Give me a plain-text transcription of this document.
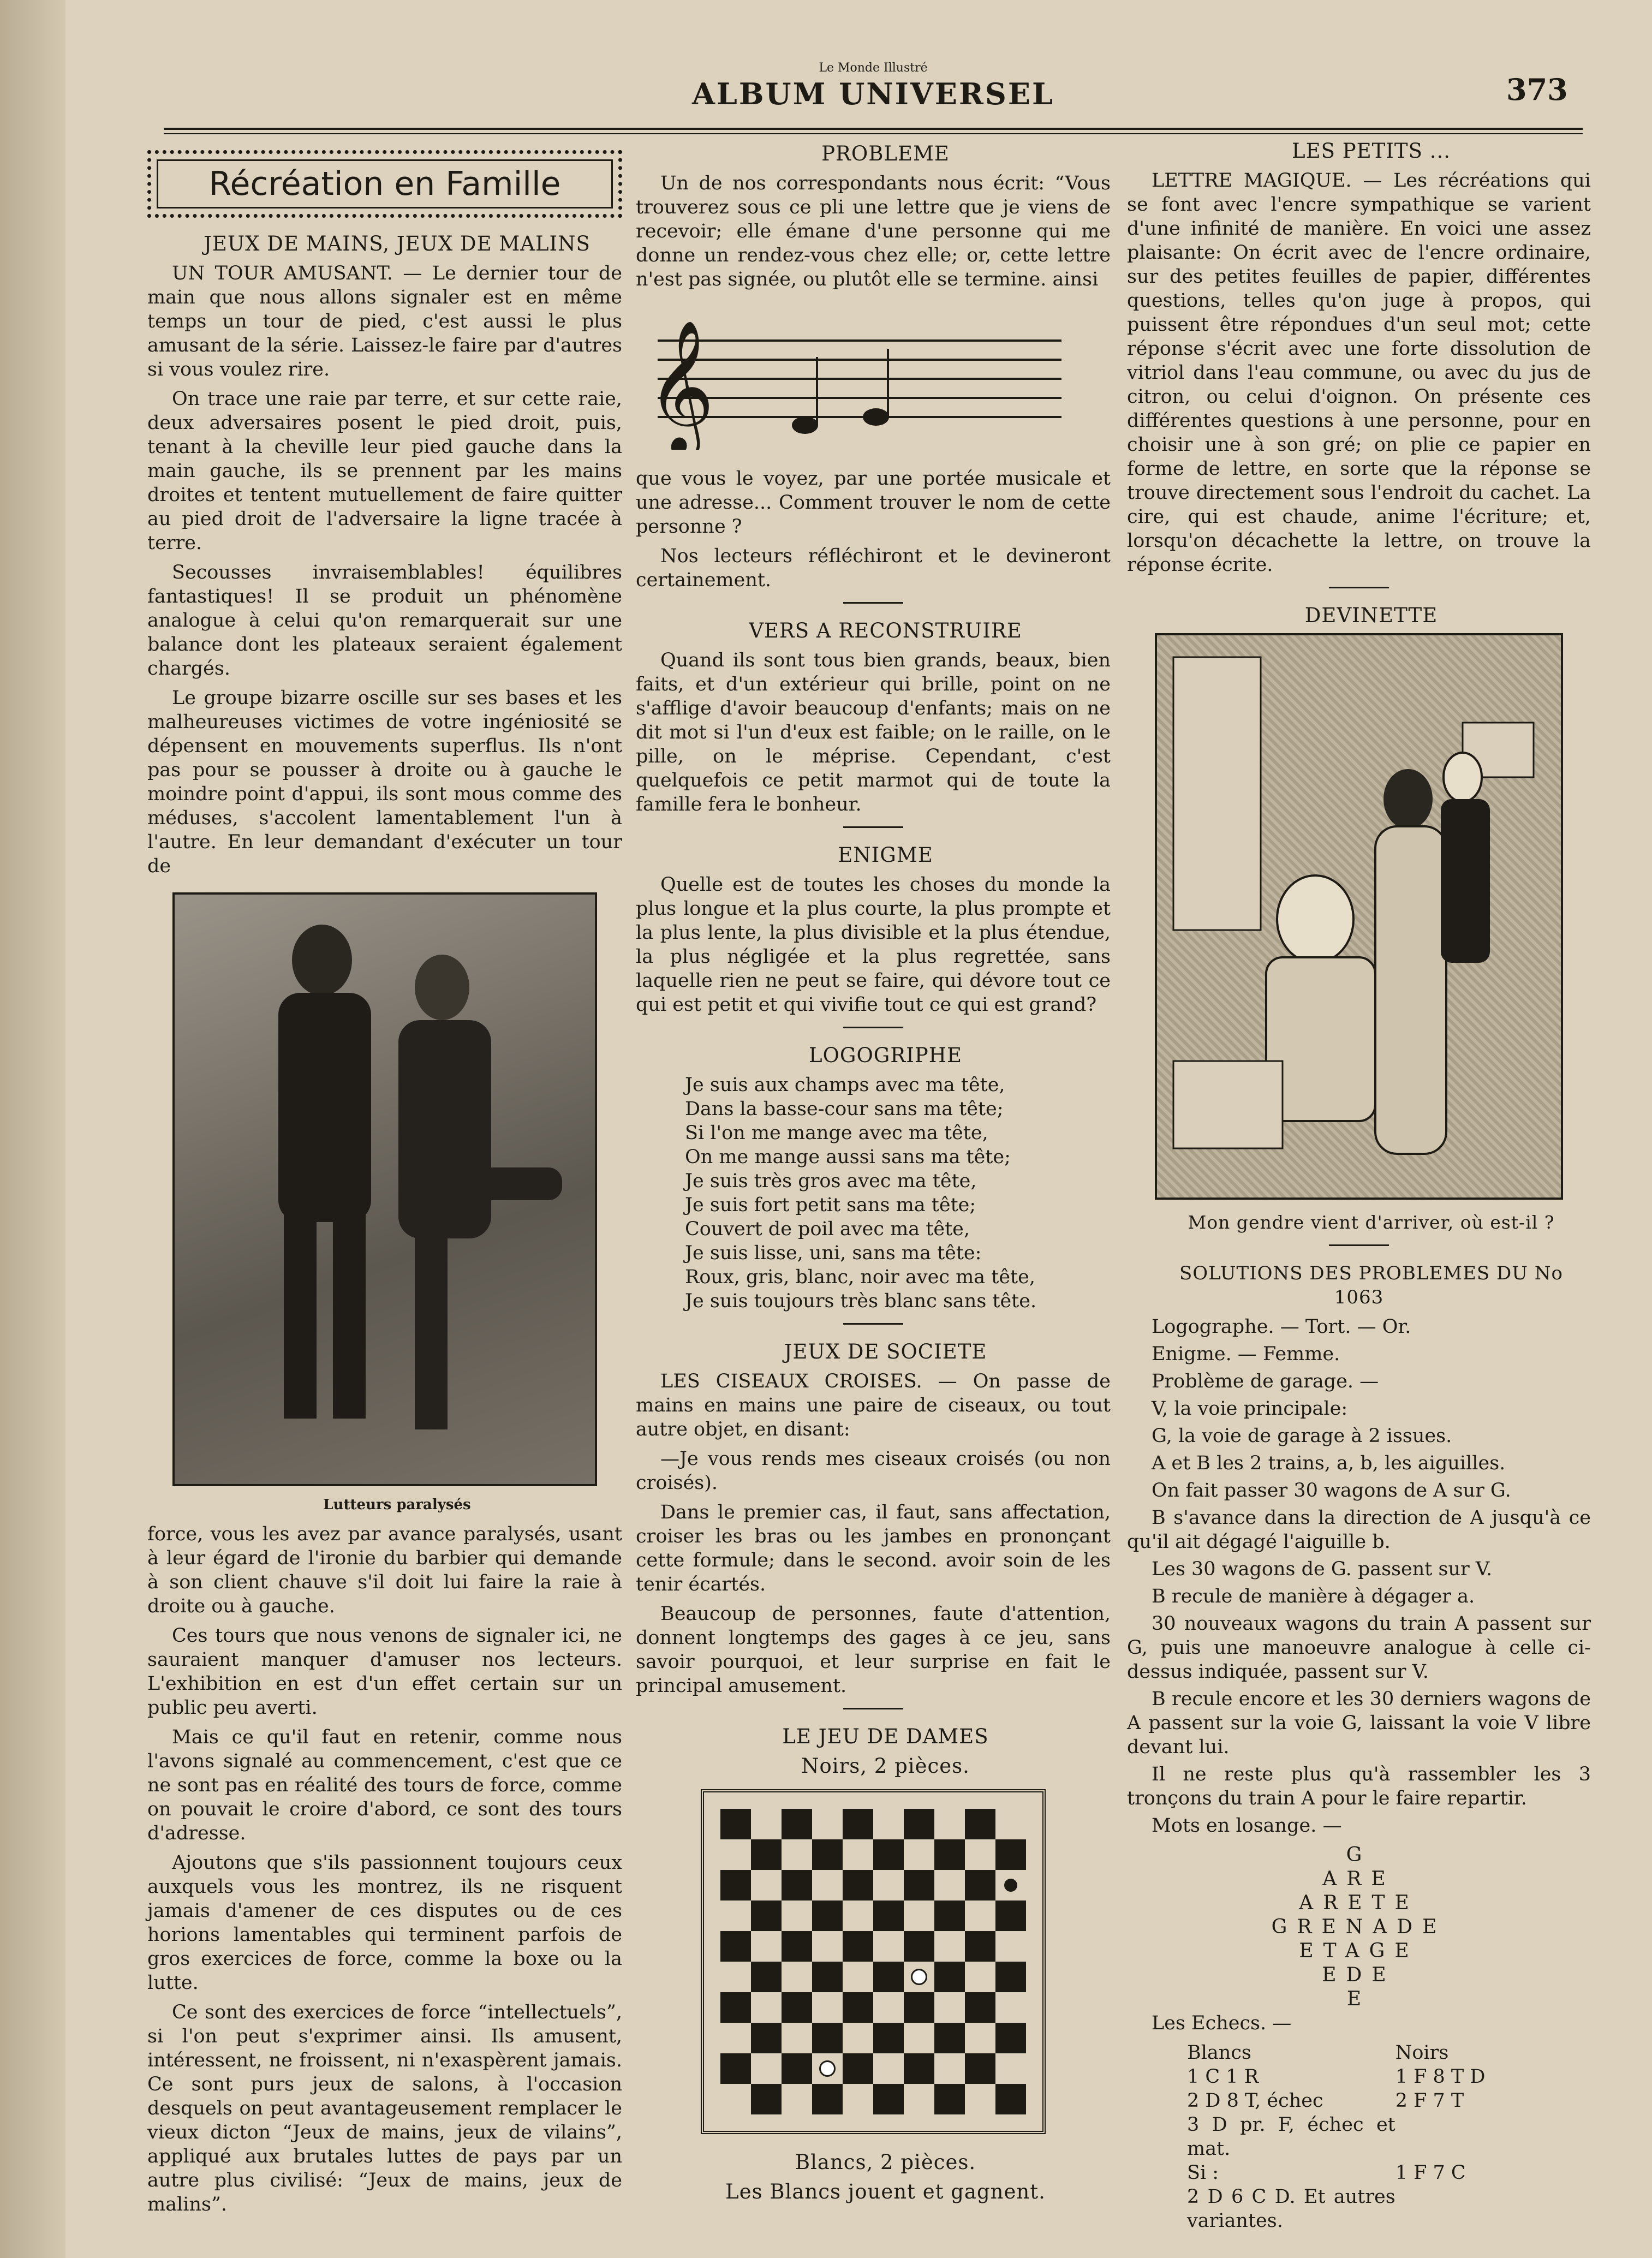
Le Monde Illustré
ALBUM UNIVERSEL	373
Récréation en Famille

JEUX DE MAINS, JEUX DE MALINS

UN TOUR AMUSANT. — Le dernier tour de main que nous allons signaler est en même temps un tour de pied, c'est aussi le plus amusant de la série. Laissez-le faire par d'autres si vous voulez rire.

On trace une raie par terre, et sur cette raie, deux adversaires posent le pied droit, puis, tenant à la cheville leur pied gauche dans la main gauche, ils se prennent par les mains droites et tentent mutuellement de faire quitter au pied droit de l'adversaire la ligne tracée à terre.

Secousses invraisemblables! équilibres fantastiques! Il se produit un phénomène analogue à celui qu'on remarquerait sur une balance dont les plateaux seraient également chargés.

Le groupe bizarre oscille sur ses bases et les malheureuses victimes de votre ingéniosité se dépensent en mouvements superflus. Ils n'ont pas pour se pousser à droite ou à gauche le moindre point d'appui, ils sont mous comme des méduses, s'accolent lamentablement l'un à l'autre. En leur demandant d'exécuter un tour de

Lutteurs paralysés

force, vous les avez par avance paralysés, usant à leur égard de l'ironie du barbier qui demande à son client chauve s'il doit lui faire la raie à droite ou à gauche.

Ces tours que nous venons de signaler ici, ne sauraient manquer d'amuser nos lecteurs. L'exhibition en est d'un effet certain sur un public peu averti.

Mais ce qu'il faut en retenir, comme nous l'avons signalé au commencement, c'est que ce ne sont pas en réalité des tours de force, comme on pouvait le croire d'abord, ce sont des tours d'adresse.

Ajoutons que s'ils passionnent toujours ceux auxquels vous les montrez, ils ne risquent jamais d'amener de ces disputes ou de ces horions lamentables qui terminent parfois de gros exercices de force, comme la boxe ou la lutte.

Ce sont des exercices de force “intellectuels”, si l'on peut s'exprimer ainsi. Ils amusent, intéressent, ne froissent, ni n'exaspèrent jamais. Ce sont purs jeux de salons, à l'occasion desquels on peut avantageusement remplacer le vieux dicton “Jeux de mains, jeux de vilains”, appliqué aux brutales luttes de pays par un autre plus civilisé: “Jeux de mains, jeux de malins”.

PROBLEME

Un de nos correspondants nous écrit: “Vous trouverez sous ce pli une lettre que je viens de recevoir; elle émane d'une personne qui me donne un rendez-vous chez elle; or, cette lettre n'est pas signée, ou plutôt elle se termine. ainsi

𝄞

que vous le voyez, par une portée musicale et une adresse... Comment trouver le nom de cette personne ?

Nos lecteurs réfléchiront et le devineront certainement.

VERS A RECONSTRUIRE

Quand ils sont tous bien grands, beaux, bien faits, et d'un extérieur qui brille, point on ne s'afflige d'avoir beaucoup d'enfants; mais on ne dit mot si l'un d'eux est faible; on le raille, on le pille, on le méprise. Cependant, c'est quelquefois ce petit marmot qui de toute la famille fera le bonheur.

ENIGME

Quelle est de toutes les choses du monde la plus longue et la plus courte, la plus prompte et la plus lente, la plus divisible et la plus étendue, la plus négligée et la plus regrettée, sans laquelle rien ne peut se faire, qui dévore tout ce qui est petit et qui vivifie tout ce qui est grand?

LOGOGRIPHE

Je suis aux champs avec ma tête,
Dans la basse-cour sans ma tête;
Si l'on me mange avec ma tête,
On me mange aussi sans ma tête;
Je suis très gros avec ma tête,
Je suis fort petit sans ma tête;
Couvert de poil avec ma tête,
Je suis lisse, uni, sans ma tête:
Roux, gris, blanc, noir avec ma tête,
Je suis toujours très blanc sans tête.

JEUX DE SOCIETE

LES CISEAUX CROISES. — On passe de mains en mains une paire de ciseaux, ou tout autre objet, en disant:

—Je vous rends mes ciseaux croisés (ou non croisés).

Dans le premier cas, il faut, sans affectation, croiser les bras ou les jambes en prononçant cette formule; dans le second. avoir soin de les tenir écartés.

Beaucoup de personnes, faute d'attention, donnent longtemps des gages à ce jeu, sans savoir pourquoi, et leur surprise en fait le principal amusement.

LE JEU DE DAMES

Noirs, 2 pièces.

Blancs, 2 pièces.

Les Blancs jouent et gagnent.

LES PETITS ...

LETTRE MAGIQUE. — Les récréations qui se font avec l'encre sympathique se varient d'une infinité de manière. En voici une assez plaisante: On écrit avec de l'encre ordinaire, sur des petites feuilles de papier, différentes questions, telles qu'on juge à propos, qui puissent être répondues d'un seul mot; cette réponse s'écrit avec une forte dissolution de vitriol dans l'eau commune, ou avec du jus de citron, ou celui d'oignon. On présente ces différentes questions à une personne, pour en choisir une à son gré; on plie ce papier en forme de lettre, en sorte que la réponse se trouve directement sous l'endroit du cachet. La cire, qui est chaude, anime l'écriture; et, lorsqu'on décachette la lettre, on trouve la réponse écrite.

DEVINETTE

Mon gendre vient d'arriver, où est-il ?

SOLUTIONS DES PROBLEMES DU No 1063

Logographe. — Tort. — Or.

Enigme. — Femme.

Problème de garage. —

V, la voie principale:

G, la voie de garage à 2 issues.

A et B les 2 trains, a, b, les aiguilles.

On fait passer 30 wagons de A sur G.

B s'avance dans la direction de A jusqu'à ce qu'il ait dégagé l'aiguille b.

Les 30 wagons de G. passent sur V.

B recule de manière à dégager a.

30 nouveaux wagons du train A passent sur G, puis une manoeuvre analogue à celle ci-dessus indiquée, passent sur V.

B recule encore et les 30 derniers wagons de A passent sur la voie G, laissant la voie V libre devant lui.

Il ne reste plus qu'à rassembler les 3 tronçons du train A pour le faire repartir.

Mots en losange. —

G
ARE
ARETE
GRENADE
ETAGE
EDE
E

Les Echecs. —

Blancs	Noirs
1 C 1 R	1 F 8 T D
2 D 8 T, échec	2 F 7 T
3 D pr. F, échec et mat.	
Si :	1 F 7 C
2 D 6 C D. Et autres variantes.	
